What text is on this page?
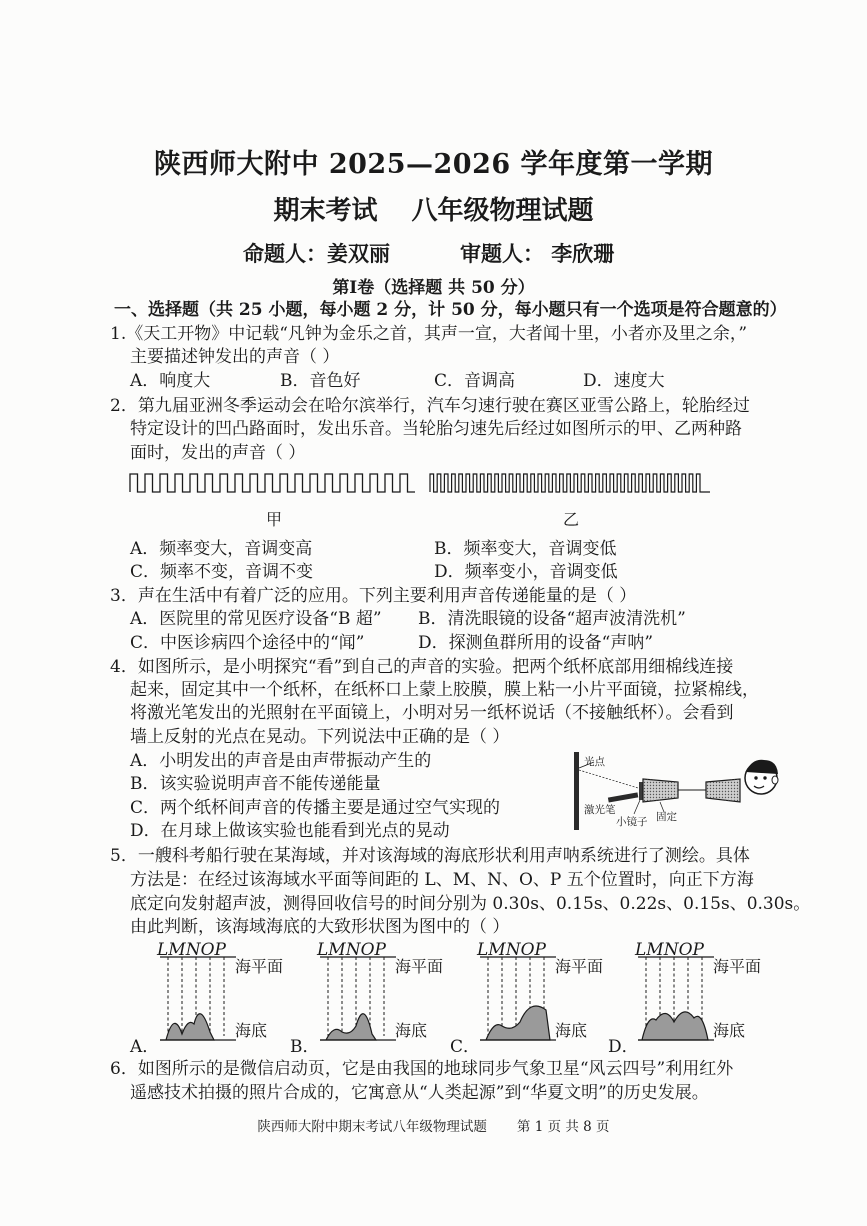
陕西师大附中 2025—2026 学年度第一学期
期末考试 八年级物理试题
命题人：姜双丽	审题人： 李欣珊
第Ⅰ卷（选择题 共 50 分）
一、选择题（共 25 小题，每小题 2 分，计 50 分，每小题只有一个选项是符合题意的）
1.《天工开物》中记载“凡钟为金乐之首，其声一宣，大者闻十里，小者亦及里之余，”
主要描述钟发出的声音（ ）
A．响度大	B．音色好	C．音调高	D．速度大
2．第九届亚洲冬季运动会在哈尔滨举行，汽车匀速行驶在赛区亚雪公路上，轮胎经过
特定设计的凹凸路面时，发出乐音。当轮胎匀速先后经过如图所示的甲、乙两种路
面时，发出的声音（ ）
甲	乙
A．频率变大，音调变高	B．频率变大，音调变低
C．频率不变，音调不变	D．频率变小，音调变低
3．声在生活中有着广泛的应用。下列主要利用声音传递能量的是（ ）
A．医院里的常见医疗设备“B 超” B．清洗眼镜的设备“超声波清洗机”
C．中医诊病四个途径中的“闻”	D．探测鱼群所用的设备“声呐”
4．如图所示，是小明探究“看”到自己的声音的实验。把两个纸杯底部用细棉线连接
起来，固定其中一个纸杯，在纸杯口上蒙上胶膜，膜上粘一小片平面镜，拉紧棉线，
将激光笔发出的光照射在平面镜上，小明对另一纸杯说话（不接触纸杯）。会看到
墙上反射的光点在晃动。下列说法中正确的是（ ）
A．小明发出的声音是由声带振动产生的
B．该实验说明声音不能传递能量
C．两个纸杯间声音的传播主要是通过空气实现的
D．在月球上做该实验也能看到光点的晃动
光点
激光笔
小镜子 固定
5．一艘科考船行驶在某海域，并对该海域的海底形状利用声呐系统进行了测绘。具体
方法是：在经过该海域水平面等间距的 L、M、N、O、P 五个位置时，向正下方海
底定向发射超声波，测得回收信号的时间分别为 0.30s、0.15s、0.22s、0.15s、0.30s。
由此判断，该海域海底的大致形状图为图中的（ ）
LMNOP
海平面
海底
A．
LMNOP
海平面
海底
B．
LMNOP
海平面
海底
C．
LMNOP
海平面
海底
D．
6．如图所示的是微信启动页，它是由我国的地球同步气象卫星“风云四号”利用红外
遥感技术拍摄的照片合成的，它寓意从“人类起源”到“华夏文明”的历史发展。
陕西师大附中期末考试八年级物理试题 第 1 页 共 8 页
